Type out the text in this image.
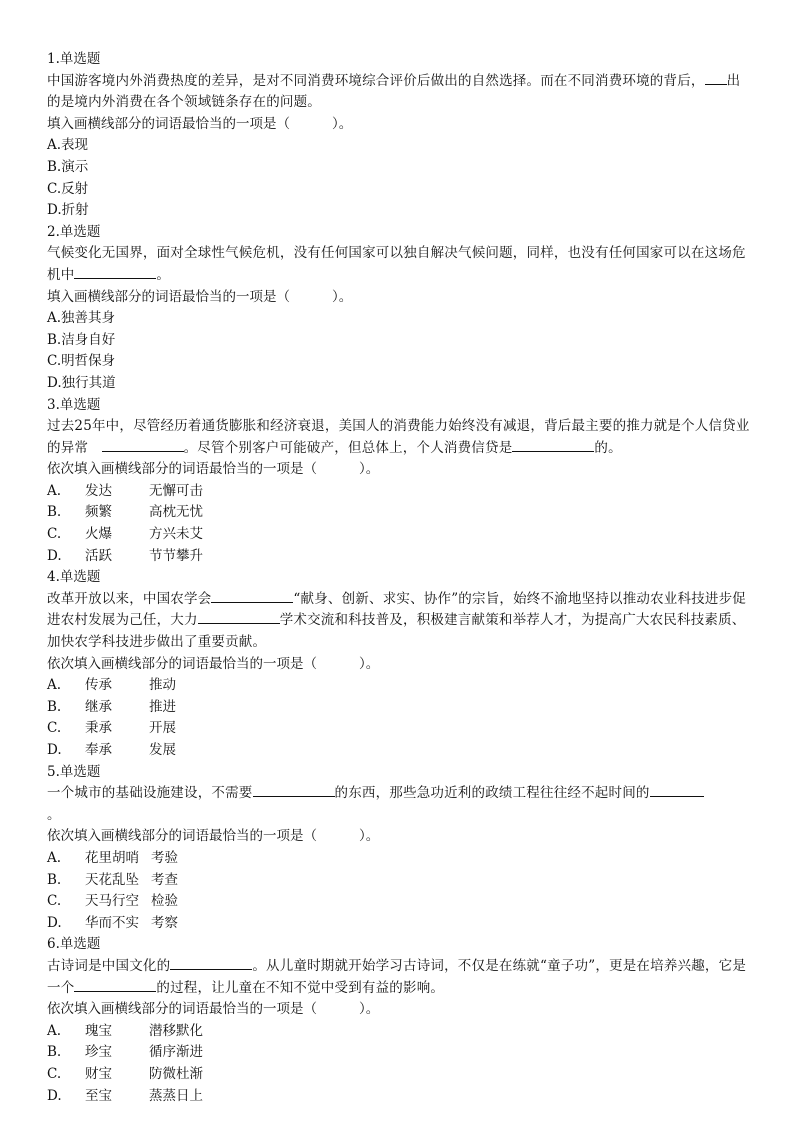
1.单选题
中国游客境内外消费热度的差异，是对不同消费环境综合评价后做出的自然选择。而在不同消费环境的背后， 出的是境内外消费在各个领域链条存在的问题。
填入画横线部分的词语最恰当的一项是（	）。
A.表现
B.演示
C.反射
D.折射
2.单选题
气候变化无国界，面对全球性气候危机，没有任何国家可以独自解决气候问题，同样，也没有任何国家可以在这场危机中	。
填入画横线部分的词语最恰当的一项是（	）。
A.独善其身
B.洁身自好
C.明哲保身
D.独行其道
3.单选题
过去25年中，尽管经历着通货膨胀和经济衰退，美国人的消费能力始终没有减退，背后最主要的推力就是个人信贷业的异常	。尽管个别客户可能破产，但总体上，个人消费信贷是	的。
依次填入画横线部分的词语最恰当的一项是（	）。
A. 发达	无懈可击
B. 频繁	高枕无忧
C. 火爆	方兴未艾
D. 活跃	节节攀升
4.单选题
改革开放以来，中国农学会	“献身、创新、求实、协作”的宗旨，始终不渝地坚持以推动农业科技进步促进农村发展为己任，大力	学术交流和科技普及，积极建言献策和举荐人才，为提高广大农民科技素质、加快农学科技进步做出了重要贡献。
依次填入画横线部分的词语最恰当的一项是（	）。
A. 传承	推动
B. 继承	推进
C. 秉承	开展
D. 奉承	发展
5.单选题
一个城市的基础设施建设，不需要	的东西，那些急功近利的政绩工程往往经不起时间的
。
依次填入画横线部分的词语最恰当的一项是（	）。
A. 花里胡哨 考验
B. 天花乱坠 考查
C. 天马行空 检验
D. 华而不实 考察
6.单选题
古诗词是中国文化的	。从儿童时期就开始学习古诗词，不仅是在练就“童子功”，更是在培养兴趣，它是一个	的过程，让儿童在不知不觉中受到有益的影响。
依次填入画横线部分的词语最恰当的一项是（	）。
A. 瑰宝	潜移默化
B. 珍宝	循序渐进
C. 财宝	防微杜渐
D. 至宝	蒸蒸日上
